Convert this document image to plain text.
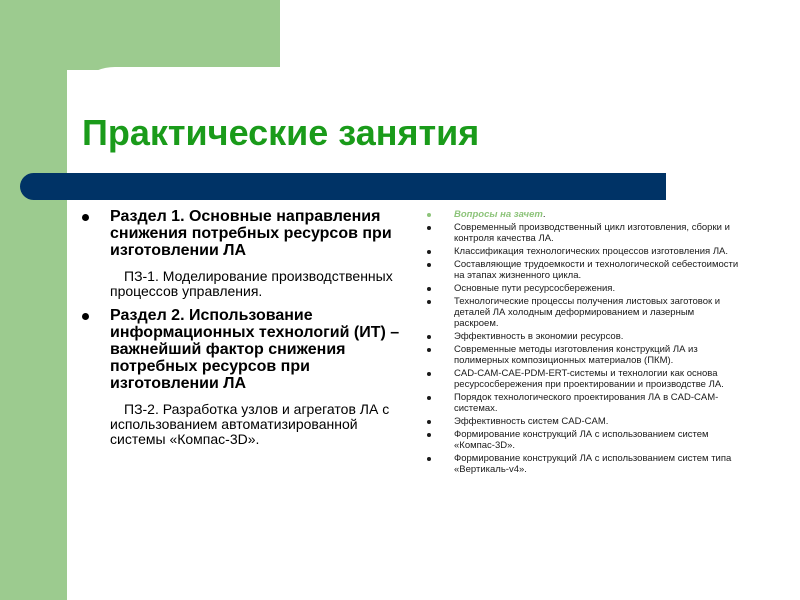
Практические занятия
Раздел 1. Основные направления снижения потребных ресурсов при изготовлении ЛА
ПЗ-1. Моделирование производственных процессов управления.
Раздел 2. Использование информационных технологий (ИТ) – важнейший фактор снижения потребных ресурсов при изготовлении ЛА
ПЗ-2. Разработка узлов и агрегатов ЛА с использованием автоматизированной системы «Компас-3D».
Вопросы на зачет.
Современный производственный цикл изготовления, сборки и контроля качества ЛА.
Классификация технологических процессов изготовления ЛА.
Составляющие трудоемкости и технологической себестоимости на этапах жизненного цикла.
Основные пути ресурсосбережения.
Технологические процессы получения листовых заготовок и деталей ЛА холодным деформированием и лазерным раскроем.
Эффективность в экономии ресурсов.
Современные методы изготовления конструкций ЛА из полимерных композиционных материалов (ПКМ).
CAD-CAM-CAE-PDM-ERT-системы и технологии как основа ресурсосбережения при проектировании и производстве ЛА.
Порядок технологического проектирования ЛА в CAD-CAM-системах.
Эффективность систем CAD-CAM.
Формирование конструкций ЛА с использованием систем «Компас-3D».
Формирование конструкций ЛА с использованием систем типа       «Вертикаль-v4».
